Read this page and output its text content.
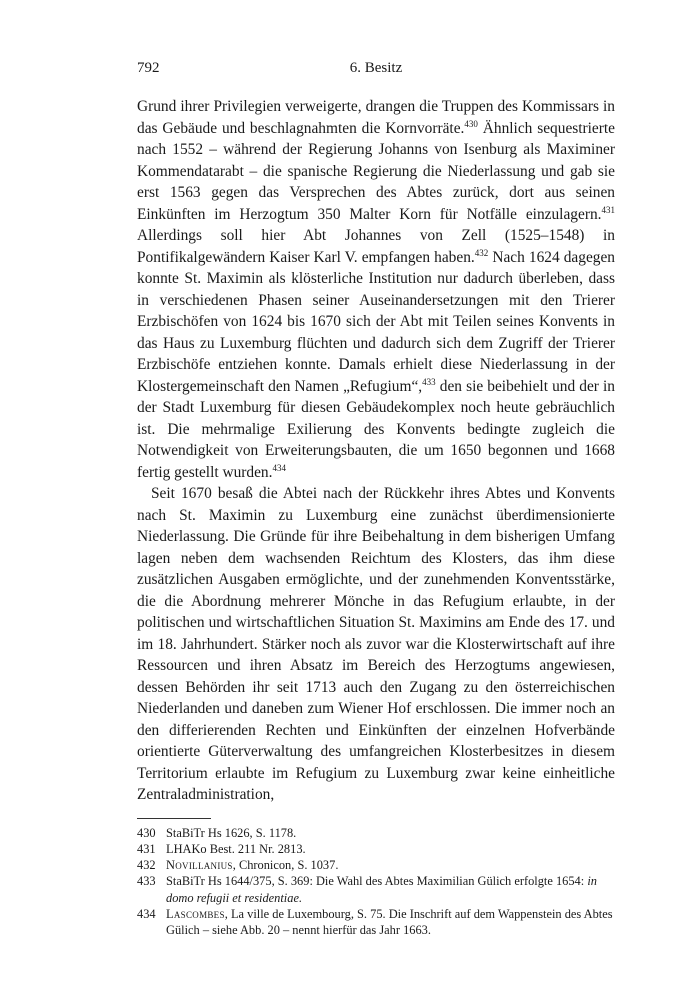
792	6. Besitz

Grund ihrer Privilegien verweigerte, drangen die Truppen des Kommissars in das Gebäude und beschlagnahmten die Kornvorräte.$^{430}$ Ähnlich sequestrierte nach 1552 – während der Regierung Johanns von Isenburg als Maximiner Kommendatarabt – die spanische Regierung die Niederlassung und gab sie erst 1563 gegen das Versprechen des Abtes zurück, dort aus seinen Einkünften im Herzogtum 350 Malter Korn für Notfälle einzulagern.$^{431}$ Allerdings soll hier Abt Johannes von Zell (1525–1548) in Pontifikalgewändern Kaiser Karl V. empfangen haben.$^{432}$ Nach 1624 dagegen konnte St. Maximin als klösterliche Institution nur dadurch überleben, dass in verschiedenen Phasen seiner Auseinandersetzungen mit den Trierer Erzbischöfen von 1624 bis 1670 sich der Abt mit Teilen seines Konvents in das Haus zu Luxemburg flüchten und dadurch sich dem Zugriff der Trierer Erzbischöfe entziehen konnte. Damals erhielt diese Niederlassung in der Klostergemeinschaft den Namen „Refugium“,$^{433}$ den sie beibehielt und der in der Stadt Luxemburg für diesen Gebäudekomplex noch heute gebräuchlich ist. Die mehrmalige Exilierung des Konvents bedingte zugleich die Notwendigkeit von Erweiterungsbauten, die um 1650 begonnen und 1668 fertig gestellt wurden.$^{434}$

Seit 1670 besaß die Abtei nach der Rückkehr ihres Abtes und Konvents nach St. Maximin zu Luxemburg eine zunächst überdimensionierte Niederlassung. Die Gründe für ihre Beibehaltung in dem bisherigen Umfang lagen neben dem wachsenden Reichtum des Klosters, das ihm diese zusätzlichen Ausgaben ermöglichte, und der zunehmenden Konventsstärke, die die Abordnung mehrerer Mönche in das Refugium erlaubte, in der politischen und wirtschaftlichen Situation St. Maximins am Ende des 17. und im 18. Jahrhundert. Stärker noch als zuvor war die Klosterwirtschaft auf ihre Ressourcen und ihren Absatz im Bereich des Herzogtums angewiesen, dessen Behörden ihr seit 1713 auch den Zugang zu den österreichischen Niederlanden und daneben zum Wiener Hof erschlossen. Die immer noch an den differierenden Rechten und Einkünften der einzelnen Hofverbände orientierte Güterverwaltung des umfangreichen Klosterbesitzes in diesem Territorium erlaubte im Refugium zu Luxemburg zwar keine einheitliche Zentraladministration,

430 StaBiTr Hs 1626, S. 1178.
431 LHAKo Best. 211 Nr. 2813.
432 Novillanius, Chronicon, S. 1037.
433 StaBiTr Hs 1644/375, S. 369: Die Wahl des Abtes Maximilian Gülich erfolgte 1654: in domo refugii et residentiae.
434 Lascombes, La ville de Luxembourg, S. 75. Die Inschrift auf dem Wappenstein des Abtes Gülich – siehe Abb. 20 – nennt hierfür das Jahr 1663.
